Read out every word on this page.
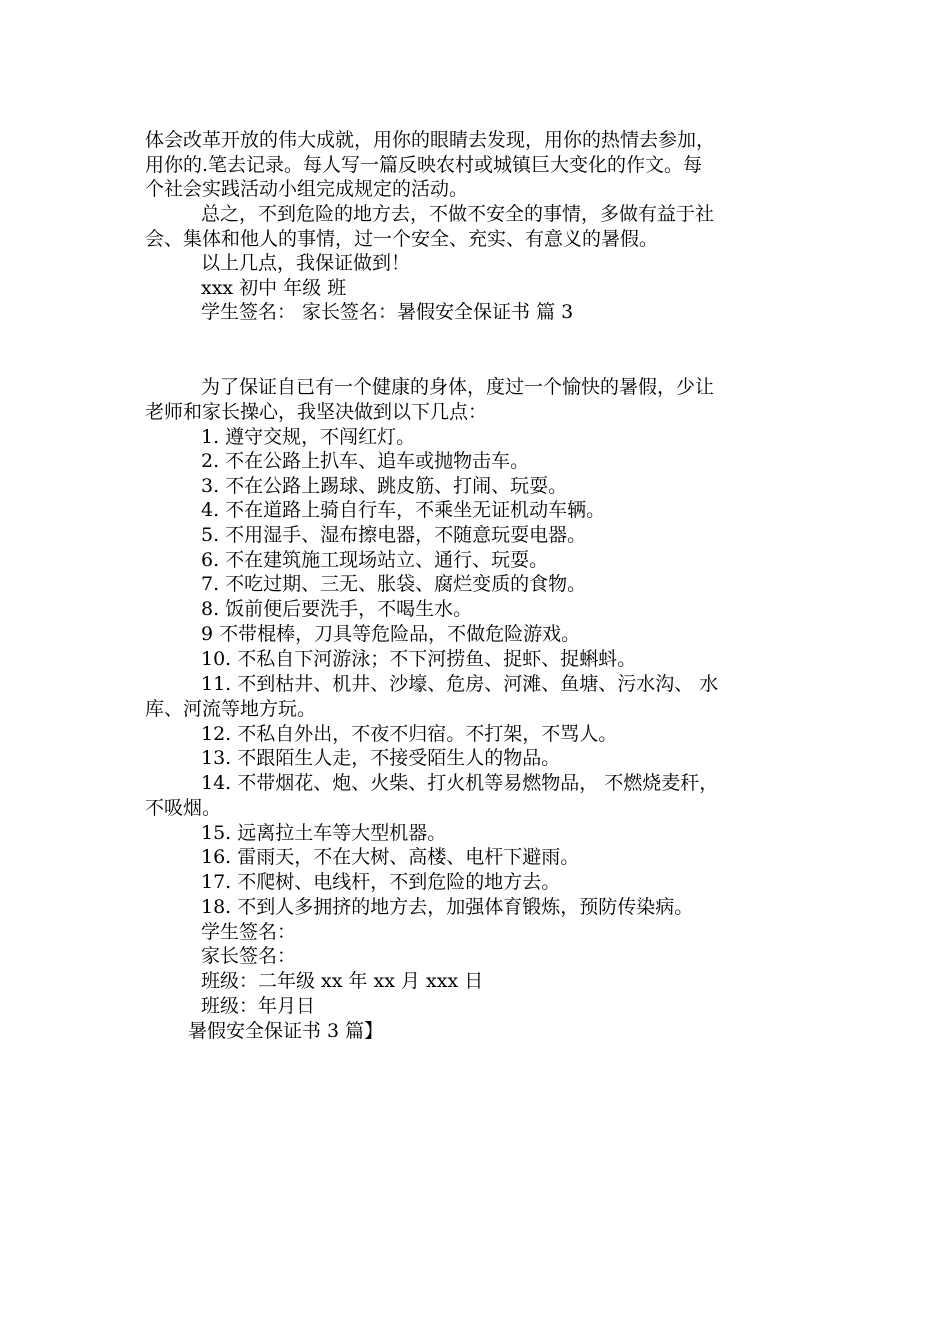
体会改革开放的伟大成就，用你的眼睛去发现，用你的热情去参加，
用你的.笔去记录。每人写一篇反映农村或城镇巨大变化的作文。每
个社会实践活动小组完成规定的活动。
总之，不到危险的地方去，不做不安全的事情，多做有益于社
会、集体和他人的事情，过一个安全、充实、有意义的暑假。
以上几点，我保证做到！
xxx 初中 年级 班
学生签名： 家长签名：暑假安全保证书 篇 3
为了保证自已有一个健康的身体，度过一个愉快的暑假，少让
老师和家长操心，我坚决做到以下几点：
1. 遵守交规，不闯红灯。
2. 不在公路上扒车、追车或抛物击车。
3. 不在公路上踢球、跳皮筋、打闹、玩耍。
4. 不在道路上骑自行车，不乘坐无证机动车辆。
5. 不用湿手、湿布擦电器，不随意玩耍电器。
6. 不在建筑施工现场站立、通行、玩耍。
7. 不吃过期、三无、胀袋、腐烂变质的食物。
8. 饭前便后要洗手，不喝生水。
9 不带棍棒，刀具等危险品，不做危险游戏。
10. 不私自下河游泳；不下河捞鱼、捉虾、捉蝌蚪。
11. 不到枯井、机井、沙壕、危房、河滩、鱼塘、污水沟、 水
库、河流等地方玩。
12. 不私自外出，不夜不归宿。不打架，不骂人。
13. 不跟陌生人走，不接受陌生人的物品。
14. 不带烟花、炮、火柴、打火机等易燃物品， 不燃烧麦秆，
不吸烟。
15. 远离拉土车等大型机器。
16. 雷雨天，不在大树、高楼、电杆下避雨。
17. 不爬树、电线杆，不到危险的地方去。
18. 不到人多拥挤的地方去，加强体育锻炼，预防传染病。
学生签名：
家长签名：
班级：二年级 xx 年 xx 月 xxx 日
班级：年月日
暑假安全保证书 3 篇】
